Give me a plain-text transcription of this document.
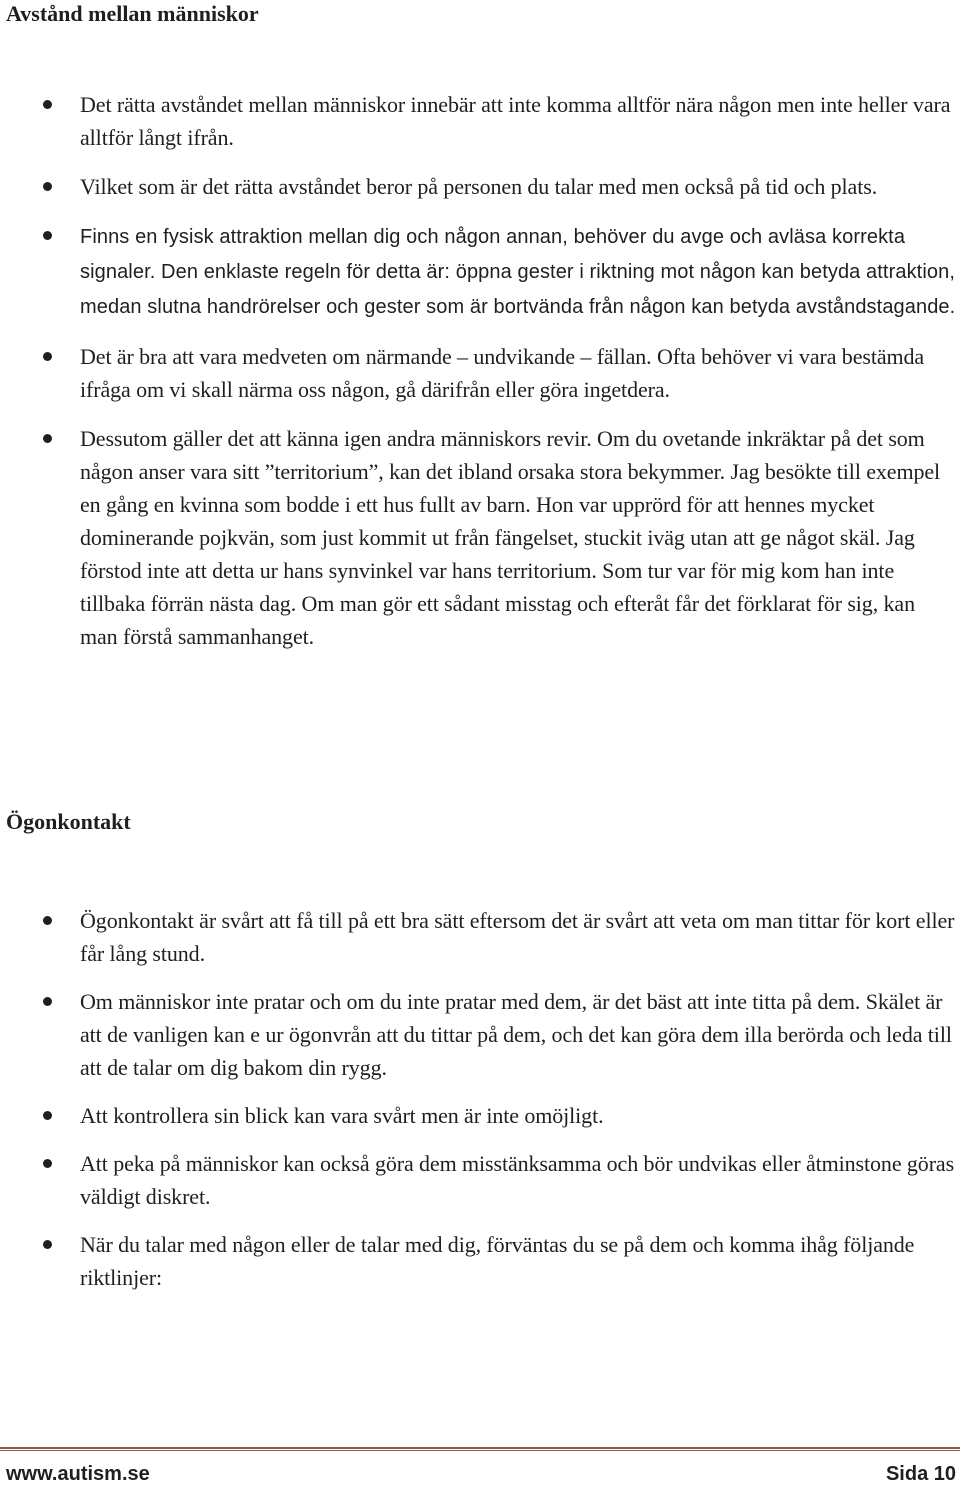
Avstånd mellan människor
Det rätta avståndet mellan människor innebär att inte komma alltför nära någon men inte heller vara alltför långt ifrån.
Vilket som är det rätta avståndet beror på personen du talar med men också på tid och plats.
Finns en fysisk attraktion mellan dig och någon annan, behöver du avge och avläsa korrekta signaler. Den enklaste regeln för detta är: öppna gester i riktning mot någon kan betyda attraktion, medan slutna handrörelser och gester som är bortvända från någon kan betyda avståndstagande.
Det är bra att vara medveten om närmande – undvikande – fällan. Ofta behöver vi vara bestämda ifråga om vi skall närma oss någon, gå därifrån eller göra ingetdera.
Dessutom gäller det att känna igen andra människors revir. Om du ovetande inkräktar på det som någon anser vara sitt ”territorium”, kan det ibland orsaka stora bekymmer. Jag besökte till exempel en gång en kvinna som bodde i ett hus fullt av barn. Hon var upprörd för att hennes mycket dominerande pojkvän, som just kommit ut från fängelset, stuckit iväg utan att ge något skäl. Jag förstod inte att detta ur hans synvinkel var hans territorium. Som tur var för mig kom han inte tillbaka förrän nästa dag. Om man gör ett sådant misstag och efteråt får det förklarat för sig, kan man förstå sammanhanget.
Ögonkontakt
Ögonkontakt är svårt att få till på ett bra sätt eftersom det är svårt att veta om man tittar för kort eller får lång stund.
Om människor inte pratar och om du inte pratar med dem, är det bäst att inte titta på dem. Skälet är att de vanligen kan e ur ögonvrån att du tittar på dem, och det kan göra dem illa berörda och leda till att de talar om dig bakom din rygg.
Att kontrollera sin blick kan vara svårt men är inte omöjligt.
Att peka på människor kan också göra dem misstänksamma och bör undvikas eller åtminstone göras väldigt diskret.
När du talar med någon eller de talar med dig, förväntas du se på dem och komma ihåg följande riktlinjer:
www.autism.se	Sida 10
